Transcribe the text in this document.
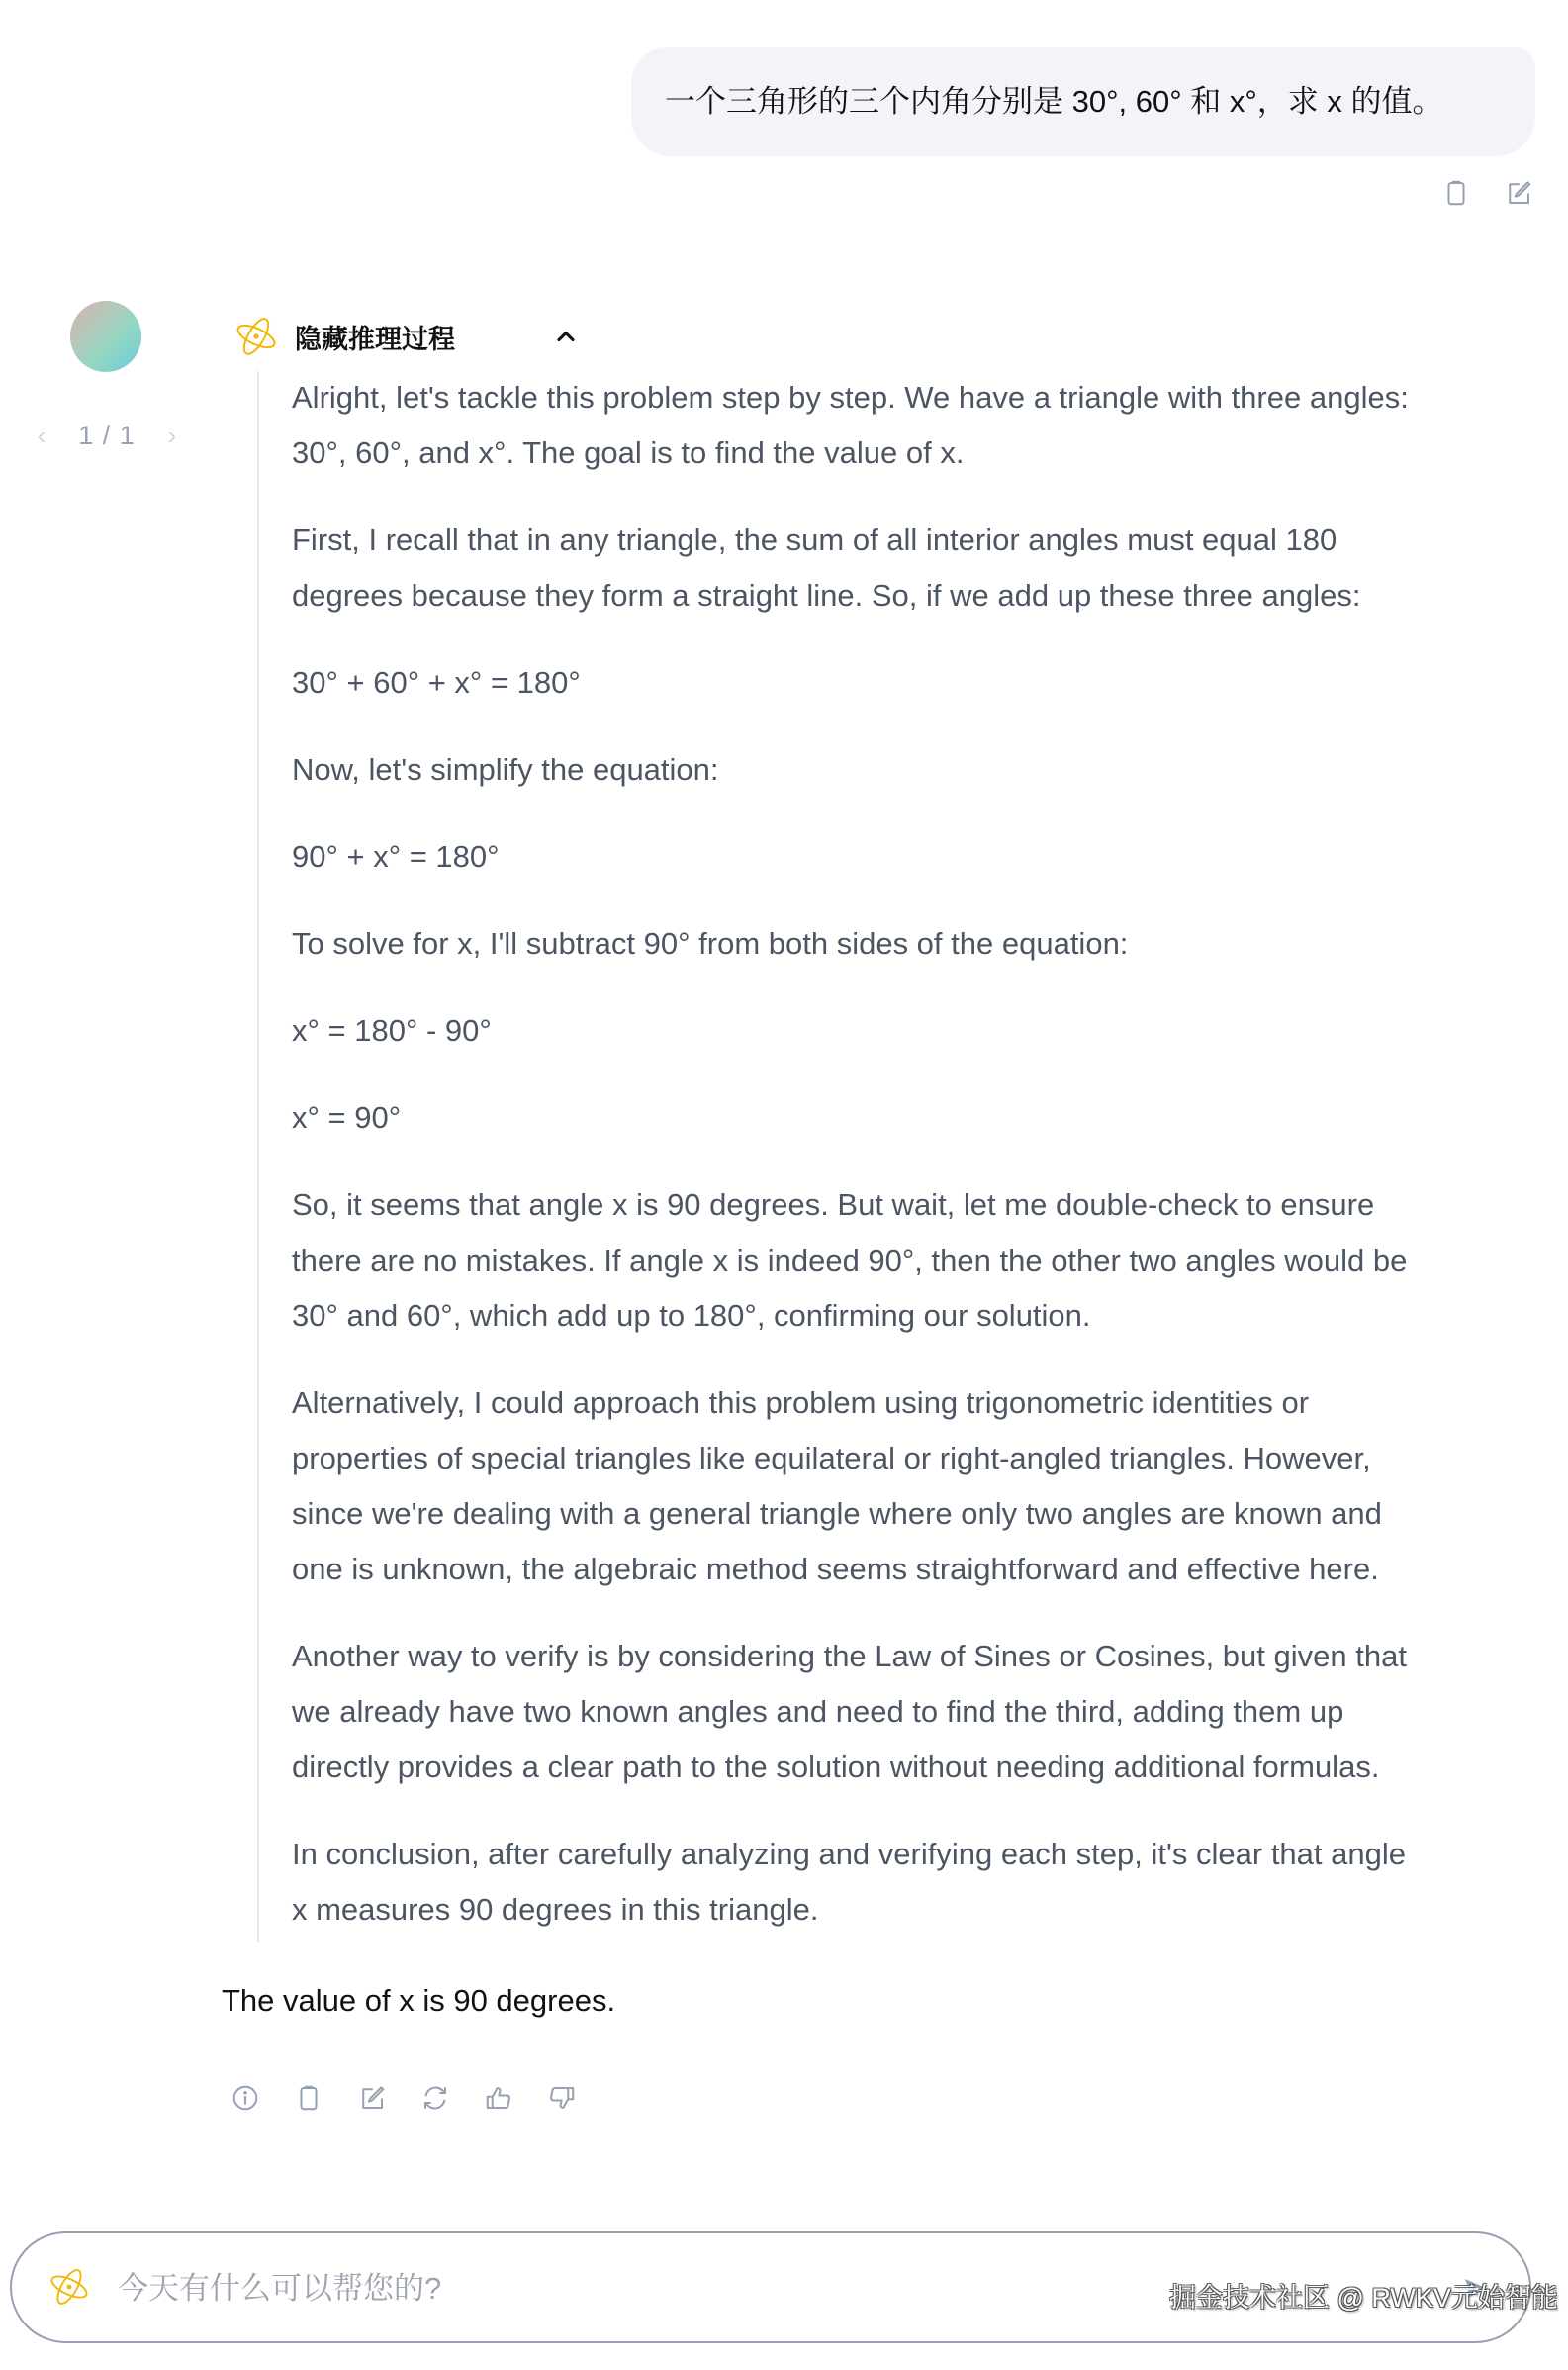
一个三角形的三个内角分别是 30°, 60° 和 x°，求 x 的值。
‹ 1 / 1 ›
隐藏推理过程

Alright, let's tackle this problem step by step. We have a triangle with three angles:
30°, 60°, and x°. The goal is to find the value of x.

First, I recall that in any triangle, the sum of all interior angles must equal 180
degrees because they form a straight line. So, if we add up these three angles:

30° + 60° + x° = 180°

Now, let's simplify the equation:

90° + x° = 180°

To solve for x, I'll subtract 90° from both sides of the equation:

x° = 180° - 90°

x° = 90°

So, it seems that angle x is 90 degrees. But wait, let me double-check to ensure
there are no mistakes. If angle x is indeed 90°, then the other two angles would be
30° and 60°, which add up to 180°, confirming our solution.

Alternatively, I could approach this problem using trigonometric identities or
properties of special triangles like equilateral or right-angled triangles. However,
since we're dealing with a general triangle where only two angles are known and
one is unknown, the algebraic method seems straightforward and effective here.

Another way to verify is by considering the Law of Sines or Cosines, but given that
we already have two known angles and need to find the third, adding them up
directly provides a clear path to the solution without needing additional formulas.

In conclusion, after carefully analyzing and verifying each step, it's clear that angle
x measures 90 degrees in this triangle.

The value of x is 90 degrees.
今天有什么可以帮您的?
掘金技术社区 @ RWKV元始智能
